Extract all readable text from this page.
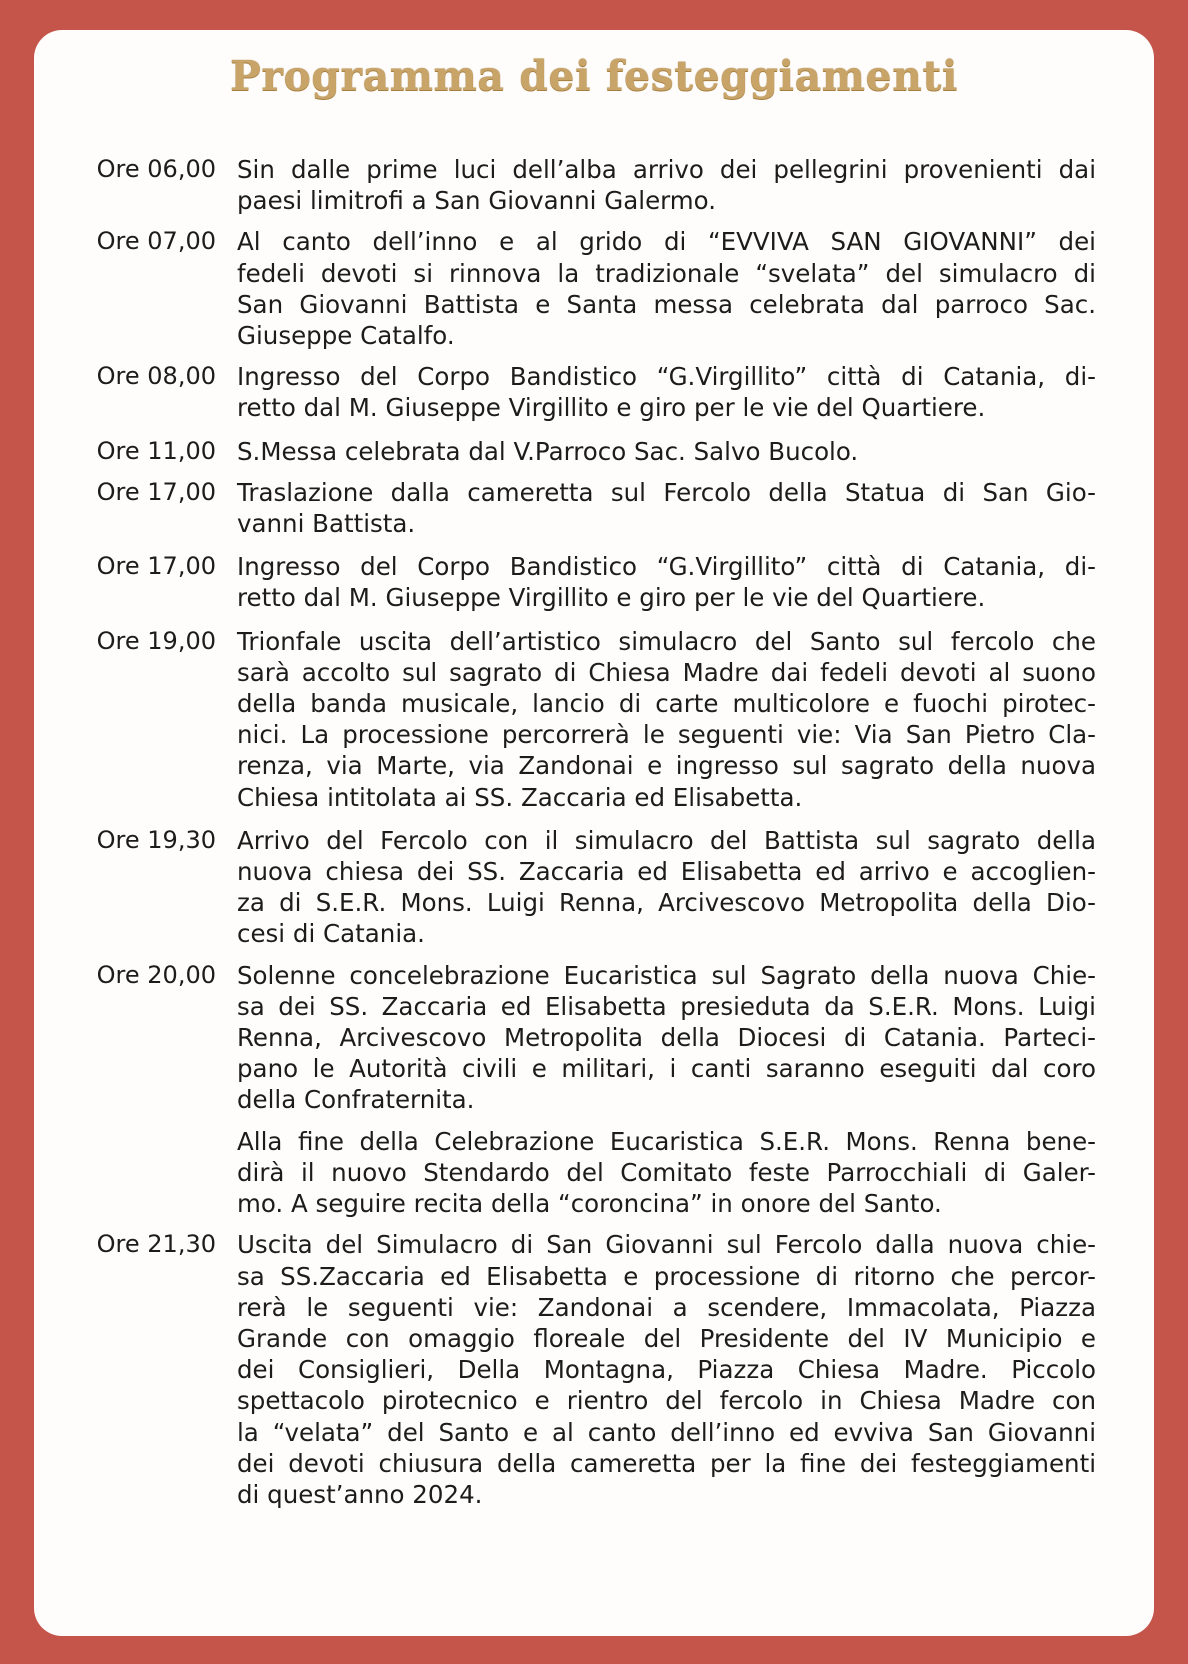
Programma dei festeggiamenti
Ore 06,00 Sin dalle prime luci dell’alba arrivo dei pellegrini provenienti dai
paesi limitrofi a San Giovanni Galermo.
Ore 07,00 Al canto dell’inno e al grido di “EVVIVA SAN GIOVANNI” dei
fedeli devoti si rinnova la tradizionale “svelata” del simulacro di
San Giovanni Battista e Santa messa celebrata dal parroco Sac.
Giuseppe Catalfo.
Ore 08,00 Ingresso del Corpo Bandistico “G.Virgillito” città di Catania, di-
retto dal M. Giuseppe Virgillito e giro per le vie del Quartiere.
Ore 11,00 S.Messa celebrata dal V.Parroco Sac. Salvo Bucolo.
Ore 17,00 Traslazione dalla cameretta sul Fercolo della Statua di San Gio-
vanni Battista.
Ore 17,00 Ingresso del Corpo Bandistico “G.Virgillito” città di Catania, di-
retto dal M. Giuseppe Virgillito e giro per le vie del Quartiere.
Ore 19,00 Trionfale uscita dell’artistico simulacro del Santo sul fercolo che
sarà accolto sul sagrato di Chiesa Madre dai fedeli devoti al suono
della banda musicale, lancio di carte multicolore e fuochi pirotec-
nici. La processione percorrerà le seguenti vie: Via San Pietro Cla-
renza, via Marte, via Zandonai e ingresso sul sagrato della nuova
Chiesa intitolata ai SS. Zaccaria ed Elisabetta.
Ore 19,30 Arrivo del Fercolo con il simulacro del Battista sul sagrato della
nuova chiesa dei SS. Zaccaria ed Elisabetta ed arrivo e accoglien-
za di S.E.R. Mons. Luigi Renna, Arcivescovo Metropolita della Dio-
cesi di Catania.
Ore 20,00 Solenne concelebrazione Eucaristica sul Sagrato della nuova Chie-
sa dei SS. Zaccaria ed Elisabetta presieduta da S.E.R. Mons. Luigi
Renna, Arcivescovo Metropolita della Diocesi di Catania. Parteci-
pano le Autorità civili e militari, i canti saranno eseguiti dal coro
della Confraternita.
Alla fine della Celebrazione Eucaristica S.E.R. Mons. Renna bene-
dirà il nuovo Stendardo del Comitato feste Parrocchiali di Galer-
mo. A seguire recita della “coroncina” in onore del Santo.
Ore 21,30 Uscita del Simulacro di San Giovanni sul Fercolo dalla nuova chie-
sa SS.Zaccaria ed Elisabetta e processione di ritorno che percor-
rerà le seguenti vie: Zandonai a scendere, Immacolata, Piazza
Grande con omaggio floreale del Presidente del IV Municipio e
dei Consiglieri, Della Montagna, Piazza Chiesa Madre. Piccolo
spettacolo pirotecnico e rientro del fercolo in Chiesa Madre con
la “velata” del Santo e al canto dell’inno ed evviva San Giovanni
dei devoti chiusura della cameretta per la fine dei festeggiamenti
di quest’anno 2024.
